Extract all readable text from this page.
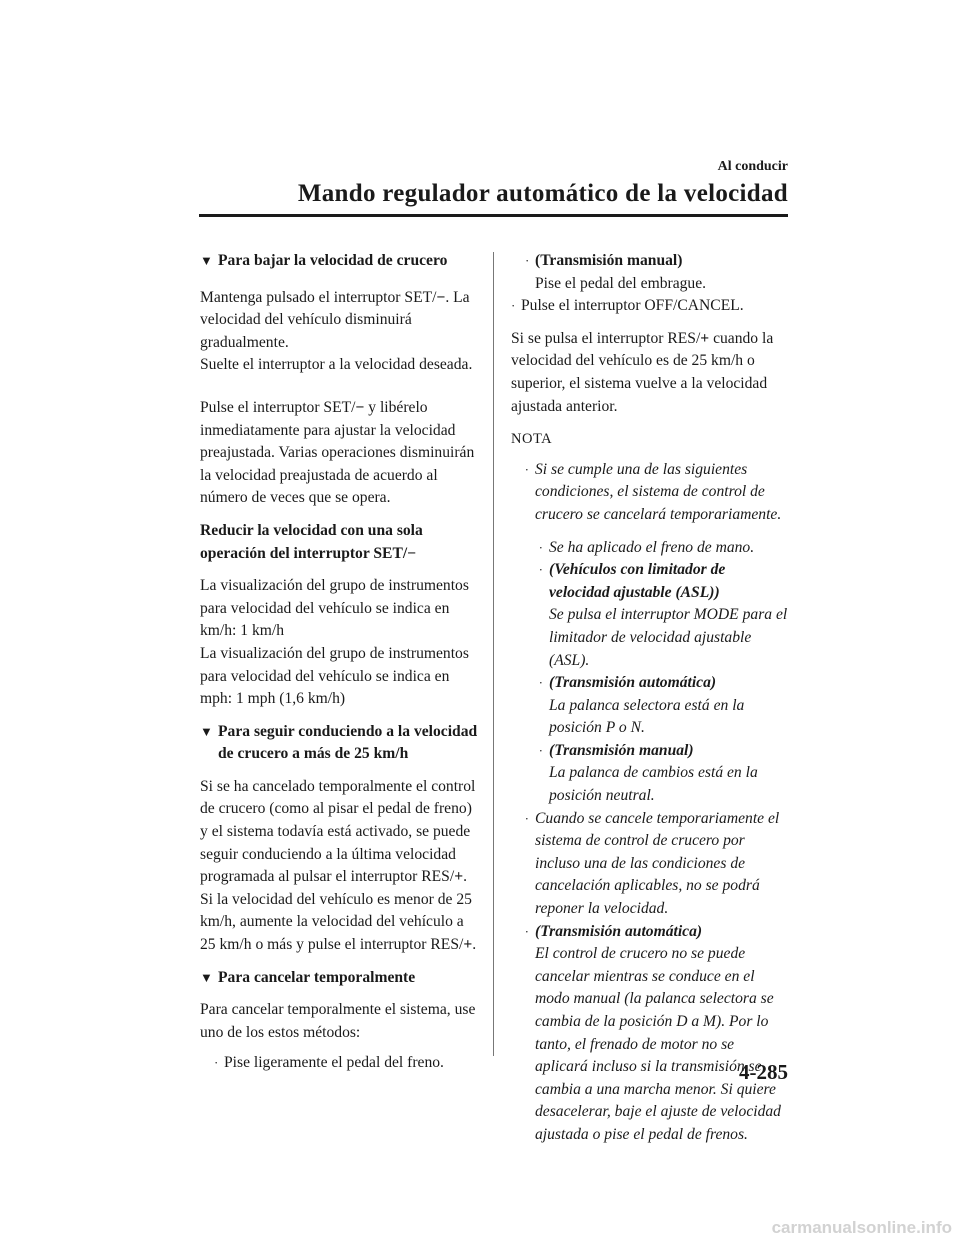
Al conducir
Mando regulador automático de la velocidad
▼ Para bajar la velocidad de crucero

Mantenga pulsado el interruptor SET/−. La velocidad del vehículo disminuirá gradualmente.
Suelte el interruptor a la velocidad deseada.

Pulse el interruptor SET/− y libérelo inmediatamente para ajustar la velocidad preajustada. Varias operaciones disminuirán la velocidad preajustada de acuerdo al número de veces que se opera.

Reducir la velocidad con una sola operación del interruptor SET/−

La visualización del grupo de instrumentos para velocidad del vehículo se indica en km/h: 1 km/h
La visualización del grupo de instrumentos para velocidad del vehículo se indica en mph: 1 mph (1,6 km/h)

▼ Para seguir conduciendo a la velocidad de crucero a más de 25 km/h

Si se ha cancelado temporalmente el control de crucero (como al pisar el pedal de freno) y el sistema todavía está activado, se puede seguir conduciendo a la última velocidad programada al pulsar el interruptor RES/+.
Si la velocidad del vehículo es menor de 25 km/h, aumente la velocidad del vehículo a 25 km/h o más y pulse el interruptor RES/+.

▼ Para cancelar temporalmente

Para cancelar temporalmente el sistema, use uno de los estos métodos:

· Pise ligeramente el pedal del freno.
· (Transmisión manual)
Pise el pedal del embrague.
· Pulse el interruptor OFF/CANCEL.

Si se pulsa el interruptor RES/+ cuando la velocidad del vehículo es de 25 km/h o superior, el sistema vuelve a la velocidad ajustada anterior.

NOTA

· Si se cumple una de las siguientes condiciones, el sistema de control de crucero se cancelará temporariamente.
· Se ha aplicado el freno de mano.
· (Vehículos con limitador de velocidad ajustable (ASL))
Se pulsa el interruptor MODE para el limitador de velocidad ajustable (ASL).
· (Transmisión automática)
La palanca selectora está en la posición P o N.
· (Transmisión manual)
La palanca de cambios está en la posición neutral.
· Cuando se cancele temporariamente el sistema de control de crucero por incluso una de las condiciones de cancelación aplicables, no se podrá reponer la velocidad.
· (Transmisión automática)
El control de crucero no se puede cancelar mientras se conduce en el modo manual (la palanca selectora se cambia de la posición D a M). Por lo tanto, el frenado de motor no se aplicará incluso si la transmisión se cambia a una marcha menor. Si quiere desacelerar, baje el ajuste de velocidad ajustada o pise el pedal de frenos.
4-285
carmanualsonline.info
